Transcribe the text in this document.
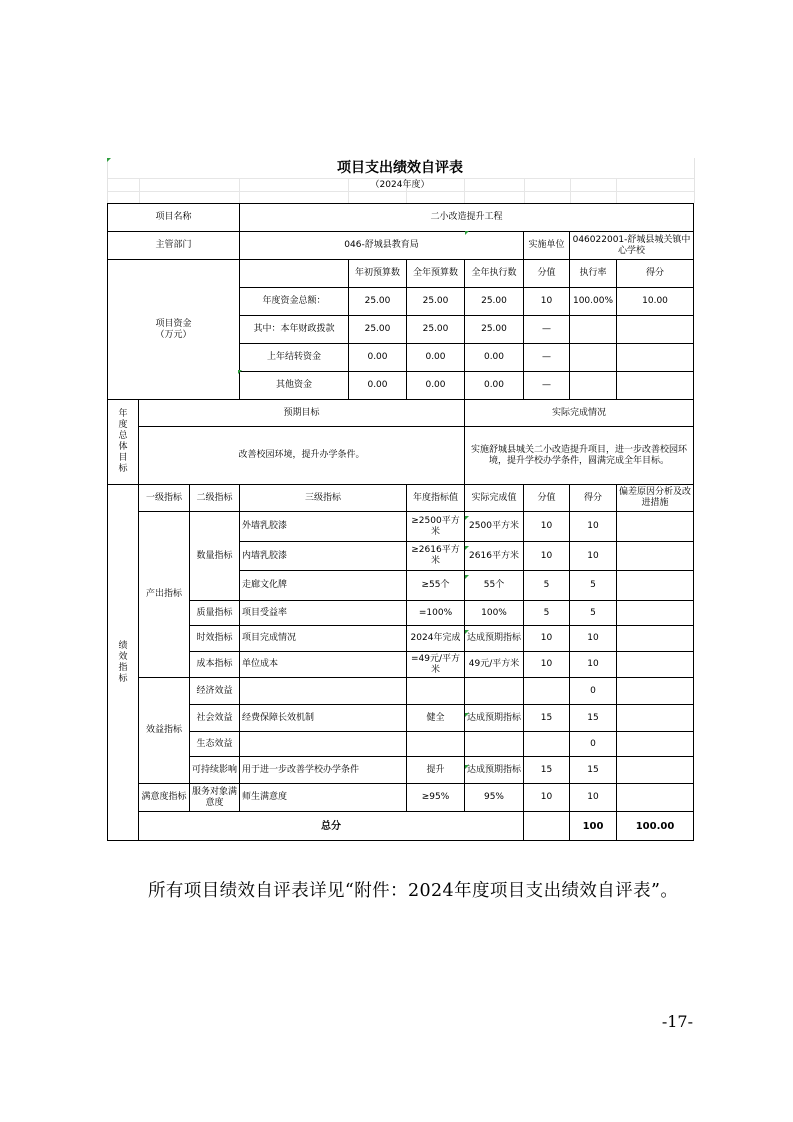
项目支出绩效自评表
（2024年度）
项目名称			二小改造提升工程							
主管部门			046-舒城县教育局				实施单位	046022001-舒城县城关镇中心学校		
项目资金
（万元）				年初预算数	全年预算数	全年执行数	分值	执行率	得分	
			年度资金总额：	25.00	25.00	25.00	10	100.00%	10.00	
			其中：本年财政拨款	25.00	25.00	25.00	—			
			上年结转资金	0.00	0.00	0.00	—			
			其他资金	0.00	0.00	0.00	—			
年度总体目标	预期目标					实际完成情况				
	改善校园环境，提升办学条件。					实施舒城县城关二小改造提升项目，进一步改善校园环境，提升学校办学条件，圆满完成全年目标。				
绩效指标	一级指标	二级指标	三级指标		年度指标值	实际完成值	分值	得分	偏差原因分析及改进措施	
	产出指标	数量指标	外墙乳胶漆		≥2500平方米	2500平方米	10	10		
			内墙乳胶漆		≥2616平方米	2616平方米	10	10		
			走廊文化牌		≥55个	55个	5	5		
		质量指标	项目受益率		=100%	100%	5	5		
		时效指标	项目完成情况		2024年完成	达成预期指标	10	10		
		成本指标	单位成本		=49元/平方米	49元/平方米	10	10		
	效益指标	经济效益						0		
		社会效益	经费保障长效机制		健全	达成预期指标	15	15		
		生态效益						0		
		可持续影响	用于进一步改善学校办学条件		提升	达成预期指标	15	15		
	满意度指标	服务对象满意度	师生满意度		≥95%	95%	10	10		
	总分							100	100.00	
所有项目绩效自评表详见“附件：2024年度项目支出绩效自评表”。
-17-
